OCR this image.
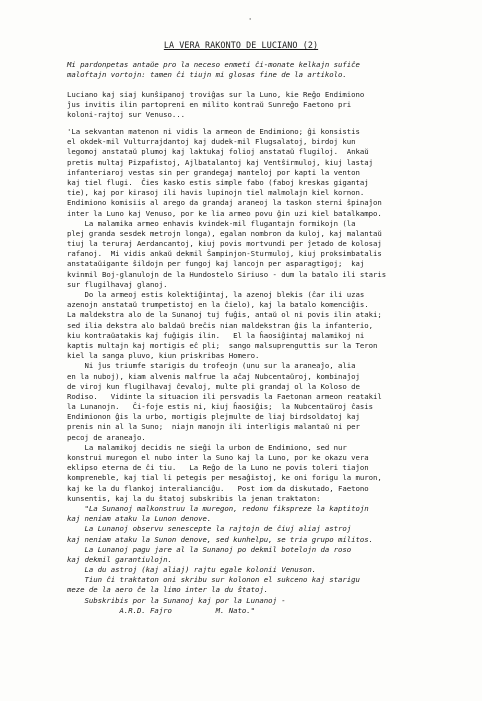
'
LA VERA RAKONTO DE LUCIANO (2)
Mi pardonpetas antaŭe pro la neceso enmeti ĉi-monate kelkajn sufiĉe
maloftajn vortojn: tamen ĉi tiujn mi glosas fine de la artikolo.
Luciano kaj siaj kunŝipanoj troviĝas sur la Luno, kie Reĝo Endimiono
ĵus invitis ilin partopreni en milito kontraŭ Sunreĝo Faetono pri
koloni-rajtoj sur Venuso...
'La sekvantan matenon ni vidis la armeon de Endimiono; ĝi konsistis
el okdek-mil Vulturrajdantoj kaj dudek-mil Flugsalatoj, birdoj kun
legomoj anstataŭ plumoj kaj laktukaj folioj anstataŭ flugiloj.  Ankaŭ
pretis multaj Pizpafistoj, Ajlbatalantoj kaj Ventŝirmuloj, kiuj lastaj
infanteriaroj vestas sin per grandegaj manteloj por kapti la venton
kaj tiel flugi.  Ĉies kasko estis simple fabo (faboj kreskas gigantaj
tie), kaj por kirasoj ili havis lupinojn tiel malmolajn kiel kornon.
Endimiono komisiis al arego da grandaj araneoj la taskon sterni ŝpinaĵon
inter la Luno kaj Venuso, por ke lia armeo povu ĝin uzi kiel batalkampo.
La malamika armeo enhavis kvindek-mil flugantajn formikojn (la
plej granda sesdek metrojn longa), egalan nombron da kuloj, kaj malantaŭ
tiuj la teruraj Aerdancantoj, kiuj povis mortvundi per ĵetado de kolosaj
rafanoj.  Mi vidis ankaŭ dekmil Ŝampinjon-Sturmuloj, kiuj proksimbatalis
anstataŭigante ŝildojn per fungoj kaj lancojn per asparagtigoj;  kaj
kvinmil Boj-glanulojn de la Hundostelo Siriuso - dum la batalo ili staris
sur flugilhavaj glanoj.
Do la armeoj estis kolektiĝintaj, la azenoj blekis (ĉar ili uzas
azenojn anstataŭ trumpetistoj en la ĉielo), kaj la batalo komenciĝis.
La maldekstra alo de la Sunanoj tuj fuĝis, antaŭ ol ni povis ilin ataki;
sed ilia dekstra alo baldaŭ breĉis nian maldekstran ĝis la infanterio,
kiu kontraŭatakis kaj fuĝigis ilin.   El la ĥaosiĝintaj malamikoj ni
kaptis multajn kaj mortigis eĉ pli;  sango malsuprenguttis sur la Teron
kiel la sanga pluvo, kiun priskribas Homero.
Ni ĵus triumfe starigis du trofeojn (unu sur la araneaĵo, alia
en la nuboj), kiam alvenis malfrue la aĉaj Nubcentaŭroj, kombinaĵoj
de viroj kun flugilhavaj ĉevaloj, multe pli grandaj ol la Koloso de
Rodiso.   Vidinte la situacion ili persvadis la Faetonan armeon reatakil
la Lunanojn.   Ĉi-foje estis ni, kiuj ĥaosiĝis;  la Nubcentaŭroj ĉasis
Endimionon ĝis la urbo, mortigis plejmulte de liaj birdsoldatoj kaj
prenis nin al la Suno;  niajn manojn ili interligis malantaŭ ni per
pecoj de araneaĵo.
La malamikoj decidis ne sieĝi la urbon de Endimiono, sed nur
konstrui muregon el nubo inter la Suno kaj la Luno, por ke okazu vera
eklipso eterna de ĉi tiu.   La Reĝo de la Luno ne povis toleri tiaĵon
kompreneble, kaj tial li petegis per mesaĝistoj, ke oni forigu la muron,
kaj ke la du flankoj interalianciĝu.   Post iom da diskutado, Faetono
kunsentis, kaj la du ŝtatoj subskribis la jenan traktaton:
"La Sunanoj malkonstruu la muregon, redonu fikspreze la kaptitojn
kaj neniam ataku la Lunon denove.
La Lunanoj observu senescepte la rajtojn de ĉiuj aliaj astroj
kaj neniam ataku la Sunon denove, sed kunhelpu, se tria grupo militos.
La Lunanoj pagu jare al la Sunanoj po dekmil botelojn da roso
kaj dekmil garantiulojn.
La du astroj (kaj aliaj) rajtu egale kolonii Venuson.
Tiun ĉi traktaton oni skribu sur kolonon el sukceno kaj starigu
meze de la aero ĉe la limo inter la du ŝtatoj.
Subskribis por la Sunanoj kaj por la Lunanoj -
A.R.D. Fajro          M. Nato."
